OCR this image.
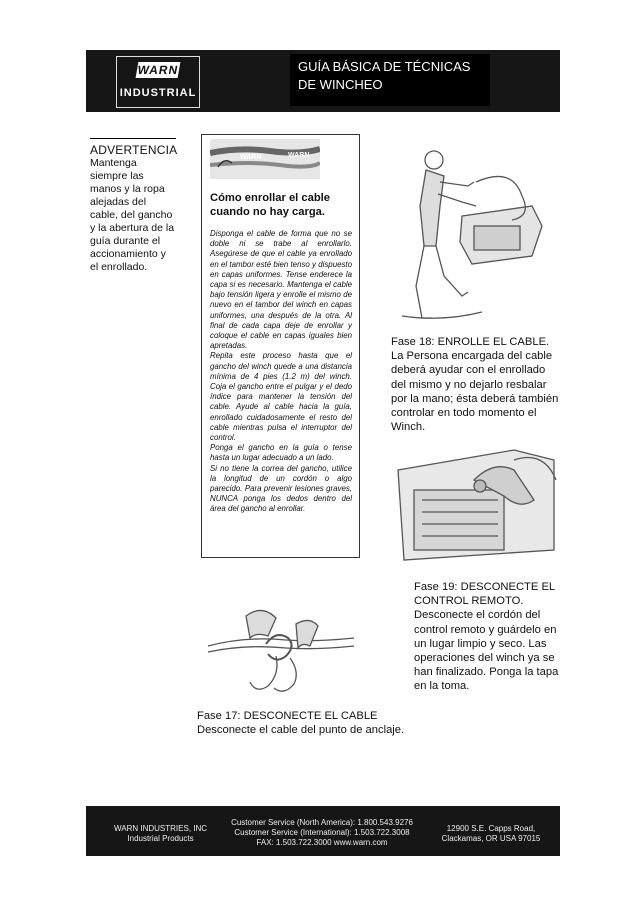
WARN
INDUSTRIAL
GUÍA BÁSICA DE TÉCNICAS
DE WINCHEO
ADVERTENCIA
Mantenga siempre las manos y la ropa alejadas del cable, del gancho y la abertura de la guía durante el accionamiento y el enrollado.
WARN	WARN
Cómo enrollar el cable cuando no hay carga.

Disponga el cable de forma que no se doble ni se trabe al enrollarlo. Asegúrese de que el cable ya enrollado en el tambor esté bien tenso y dispuesto en capas uniformes. Tense enderece la capa si es necesario. Mantenga el cable bajo tensión ligera y enrolle el mismo de nuevo en el tambor del winch en capas uniformes, una después de la otra. Al final de cada capa deje de enrollar y coloque el cable en capas iguales bien apretadas.

Repita este proceso hasta que el gancho del winch quede a una distancia mínima de 4 pies (1.2 m) del winch. Coja el gancho entre el pulgar y el dedo índice para mantener la tensión del cable. Ayude al cable hacia la guía, enrollado cuidadosamente el resto del cable mientras pulsa el interruptor del control.

Ponga el gancho en la guía o tense hasta un lugar adecuado a un lado.

Si no tiene la correa del gancho, utilice la longitud de un cordón o algo parecido. Para prevenir lesiones graves, NUNCA ponga los dedos dentro del área del gancho al enrollar.

Fase 18: ENROLLE EL CABLE. La Persona encargada del cable deberá ayudar con el enrollado del mismo y no dejarlo resbalar por la mano; ésta deberá también controlar en todo momento el Winch.
Fase 19: DESCONECTE EL CONTROL REMOTO. Desconecte el cordón del control remoto y guárdelo en un lugar limpio y seco. Las operaciones del winch ya se han finalizado. Ponga la tapa en la toma.
Fase 17: DESCONECTE EL CABLE
Desconecte el cable del punto de anclaje.
WARN INDUSTRIES, INC
Industrial Products
Customer Service (North America): 1.800.543.9276
Customer Service (International): 1.503.722.3008
FAX: 1.503.722.3000 www.warn.com
12900 S.E. Capps Road,
Clackamas, OR USA 97015
